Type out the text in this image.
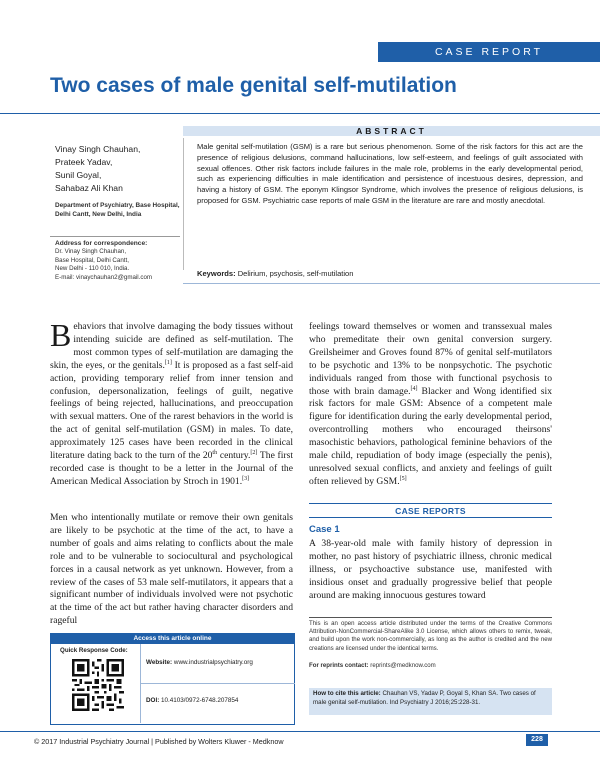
CASE REPORT
Two cases of male genital self-mutilation
Vinay Singh Chauhan,
Prateek Yadav,
Sunil Goyal,
Sahabaz Ali Khan
Department of Psychiatry, Base Hospital, Delhi Cantt, New Delhi, India
Address for correspondence:
Dr. Vinay Singh Chauhan,
Base Hospital, Delhi Cantt,
New Delhi - 110 010, India.
E-mail: vinaychauhan2@gmail.com
ABSTRACT
Male genital self-mutilation (GSM) is a rare but serious phenomenon. Some of the risk factors for this act are the presence of religious delusions, command hallucinations, low self-esteem, and feelings of guilt associated with sexual offences. Other risk factors include failures in the male role, problems in the early developmental period, such as experiencing difficulties in male identification and persistence of incestuous desires, depression, and having a history of GSM. The eponym Klingsor Syndrome, which involves the presence of religious delusions, is proposed for GSM. Psychiatric case reports of male GSM in the literature are rare and mostly anecdotal.
Keywords: Delirium, psychosis, self-mutilation
Behaviors that involve damaging the body tissues without intending suicide are defined as self-mutilation. The most common types of self-mutilation are damaging the skin, the eyes, or the genitals.[1] It is proposed as a fast self-aid action, providing temporary relief from inner tension and confusion, depersonalization, feelings of guilt, negative feelings of being rejected, hallucinations, and preoccupation with sexual matters. One of the rarest behaviors in the world is the act of genital self-mutilation (GSM) in males. To date, approximately 125 cases have been recorded in the clinical literature dating back to the turn of the 20th century.[2] The first recorded case is thought to be a letter in the Journal of the American Medical Association by Stroch in 1901.[3]
Men who intentionally mutilate or remove their own genitals are likely to be psychotic at the time of the act, to have a number of goals and aims relating to conflicts about the male role and to be vulnerable to sociocultural and psychological forces in a causal network as yet unknown. However, from a review of the cases of 53 male self-mutilators, it appears that a significant number of individuals involved were not psychotic at the time of the act but rather having character disorders and rageful
feelings toward themselves or women and transsexual males who premeditate their own genital conversion surgery. Greilsheimer and Groves found 87% of genital self-mutilators to be psychotic and 13% to be nonpsychotic. The psychotic individuals ranged from those with functional psychosis to those with brain damage.[4] Blacker and Wong identified six risk factors for male GSM: Absence of a competent male figure for identification during the early developmental period, overcontrolling mothers who encouraged theirsons' masochistic behaviors, pathological feminine behaviors of the male child, repudiation of body image (especially the penis), unresolved sexual conflicts, and anxiety and feelings of guilt often relieved by GSM.[5]
CASE REPORTS
Case 1
A 38-year-old male with family history of depression in mother, no past history of psychiatric illness, chronic medical illness, or psychoactive substance use, manifested with insidious onset and gradually progressive belief that people around are making innocuous gestures toward
Access this article online
Quick Response Code:
Website: www.industrialpsychiatry.org
DOI: 10.4103/0972-6748.207854
This is an open access article distributed under the terms of the Creative Commons Attribution-NonCommercial-ShareAlike 3.0 License, which allows others to remix, tweak, and build upon the work non-commercially, as long as the author is credited and the new creations are licensed under the identical terms.
For reprints contact: reprints@medknow.com
How to cite this article: Chauhan VS, Yadav P, Goyal S, Khan SA. Two cases of male genital self-mutilation. Ind Psychiatry J 2016;25:228-31.
© 2017 Industrial Psychiatry Journal | Published by Wolters Kluwer - Medknow	228
